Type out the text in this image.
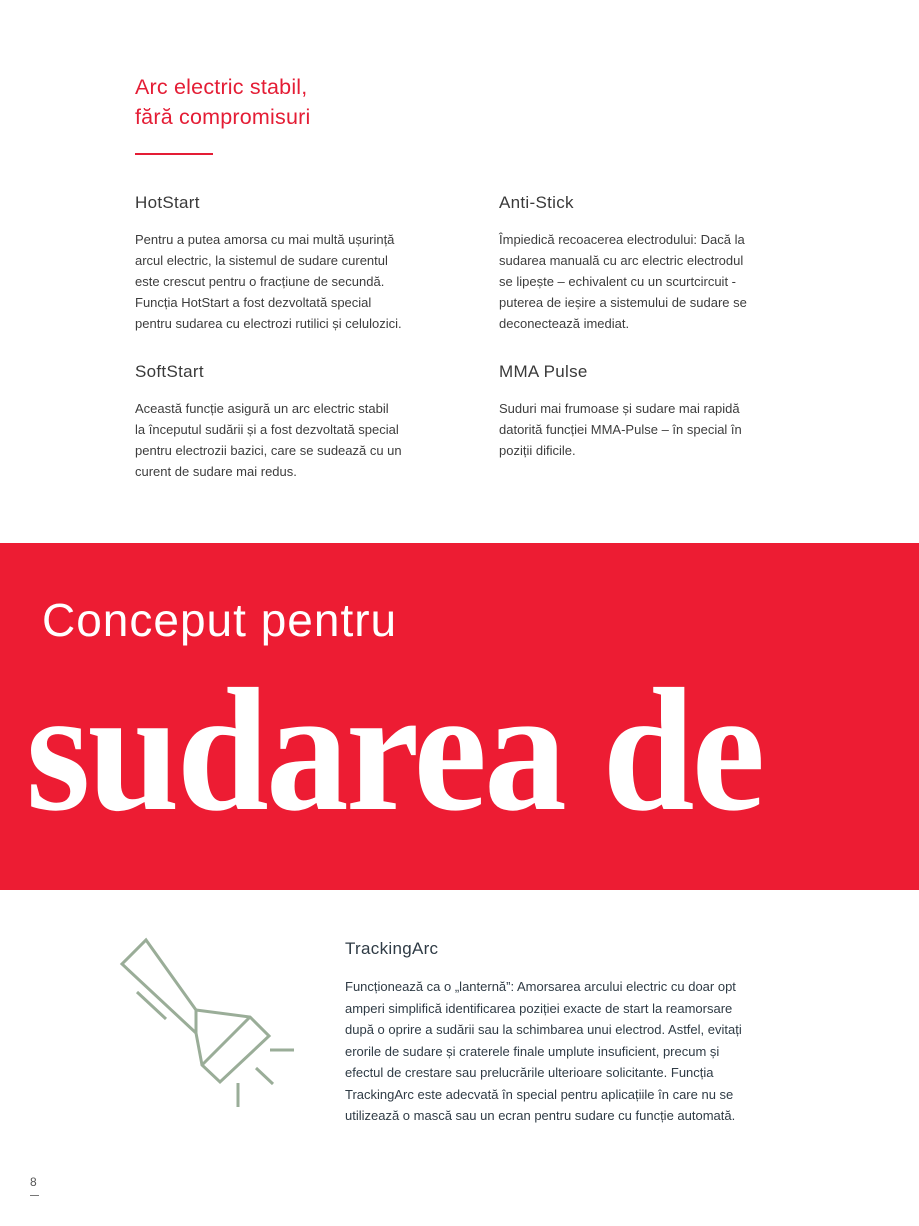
Arc electric stabil,
fără compromisuri
HotStart

Pentru a putea amorsa cu mai multă ușurință
arcul electric, la sistemul de sudare curentul
este crescut pentru o fracțiune de secundă.
Funcția HotStart a fost dezvoltată special
pentru sudarea cu electrozi rutilici și celulozici.

Anti-Stick

Împiedică recoacerea electrodului: Dacă la
sudarea manuală cu arc electric electrodul
se lipește – echivalent cu un scurtcircuit -
puterea de ieșire a sistemului de sudare se
deconectează imediat.

SoftStart

Această funcție asigură un arc electric stabil
la începutul sudării și a fost dezvoltată special
pentru electrozii bazici, care se sudează cu un
curent de sudare mai redus.

MMA Pulse

Suduri mai frumoase și sudare mai rapidă
datorită funcției MMA-Pulse – în special în
poziții dificile.

Conceput pentru
sudarea de
TrackingArc

Funcționează ca o „lanternă”: Amorsarea arcului electric cu doar opt
amperi simplifică identificarea poziției exacte de start la reamorsare
după o oprire a sudării sau la schimbarea unui electrod. Astfel, evitați
erorile de sudare și craterele finale umplute insuficient, precum și
efectul de crestare sau prelucrările ulterioare solicitante. Funcția
TrackingArc este adecvată în special pentru aplicațiile în care nu se
utilizează o mască sau un ecran pentru sudare cu funcție automată.

8
